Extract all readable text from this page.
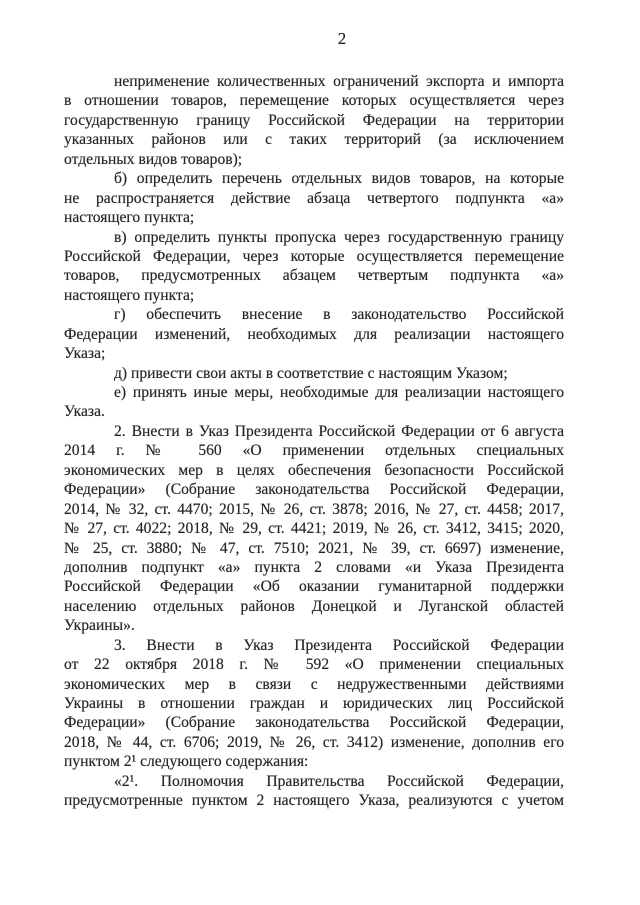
2
неприменение количественных ограничений экспорта и импорта
в отношении товаров, перемещение которых осуществляется через
государственную границу Российской Федерации на территории
указанных районов или с таких территорий (за исключением
отдельных видов товаров);
б) определить перечень отдельных видов товаров, на которые
не распространяется действие абзаца четвертого подпункта «а»
настоящего пункта;
в) определить пункты пропуска через государственную границу
Российской Федерации, через которые осуществляется перемещение
товаров, предусмотренных абзацем четвертым подпункта «а»
настоящего пункта;
г) обеспечить внесение в законодательство Российской
Федерации изменений, необходимых для реализации настоящего
Указа;
д) привести свои акты в соответствие с настоящим Указом;
е) принять иные меры, необходимые для реализации настоящего
Указа.
2. Внести в Указ Президента Российской Федерации от 6 августа
2014 г. № 560 «О применении отдельных специальных
экономических мер в целях обеспечения безопасности Российской
Федерации» (Собрание законодательства Российской Федерации,
2014, № 32, ст. 4470; 2015, № 26, ст. 3878; 2016, № 27, ст. 4458; 2017,
№ 27, ст. 4022; 2018, № 29, ст. 4421; 2019, № 26, ст. 3412, 3415; 2020,
№ 25, ст. 3880; № 47, ст. 7510; 2021, № 39, ст. 6697) изменение,
дополнив подпункт «а» пункта 2 словами «и Указа Президента
Российской Федерации «Об оказании гуманитарной поддержки
населению отдельных районов Донецкой и Луганской областей
Украины».
3. Внести в Указ Президента Российской Федерации
от 22 октября 2018 г. № 592 «О применении специальных
экономических мер в связи с недружественными действиями
Украины в отношении граждан и юридических лиц Российской
Федерации» (Собрание законодательства Российской Федерации,
2018, № 44, ст. 6706; 2019, № 26, ст. 3412) изменение, дополнив его
пунктом 2¹ следующего содержания:
«2¹. Полномочия Правительства Российской Федерации,
предусмотренные пунктом 2 настоящего Указа, реализуются с учетом
